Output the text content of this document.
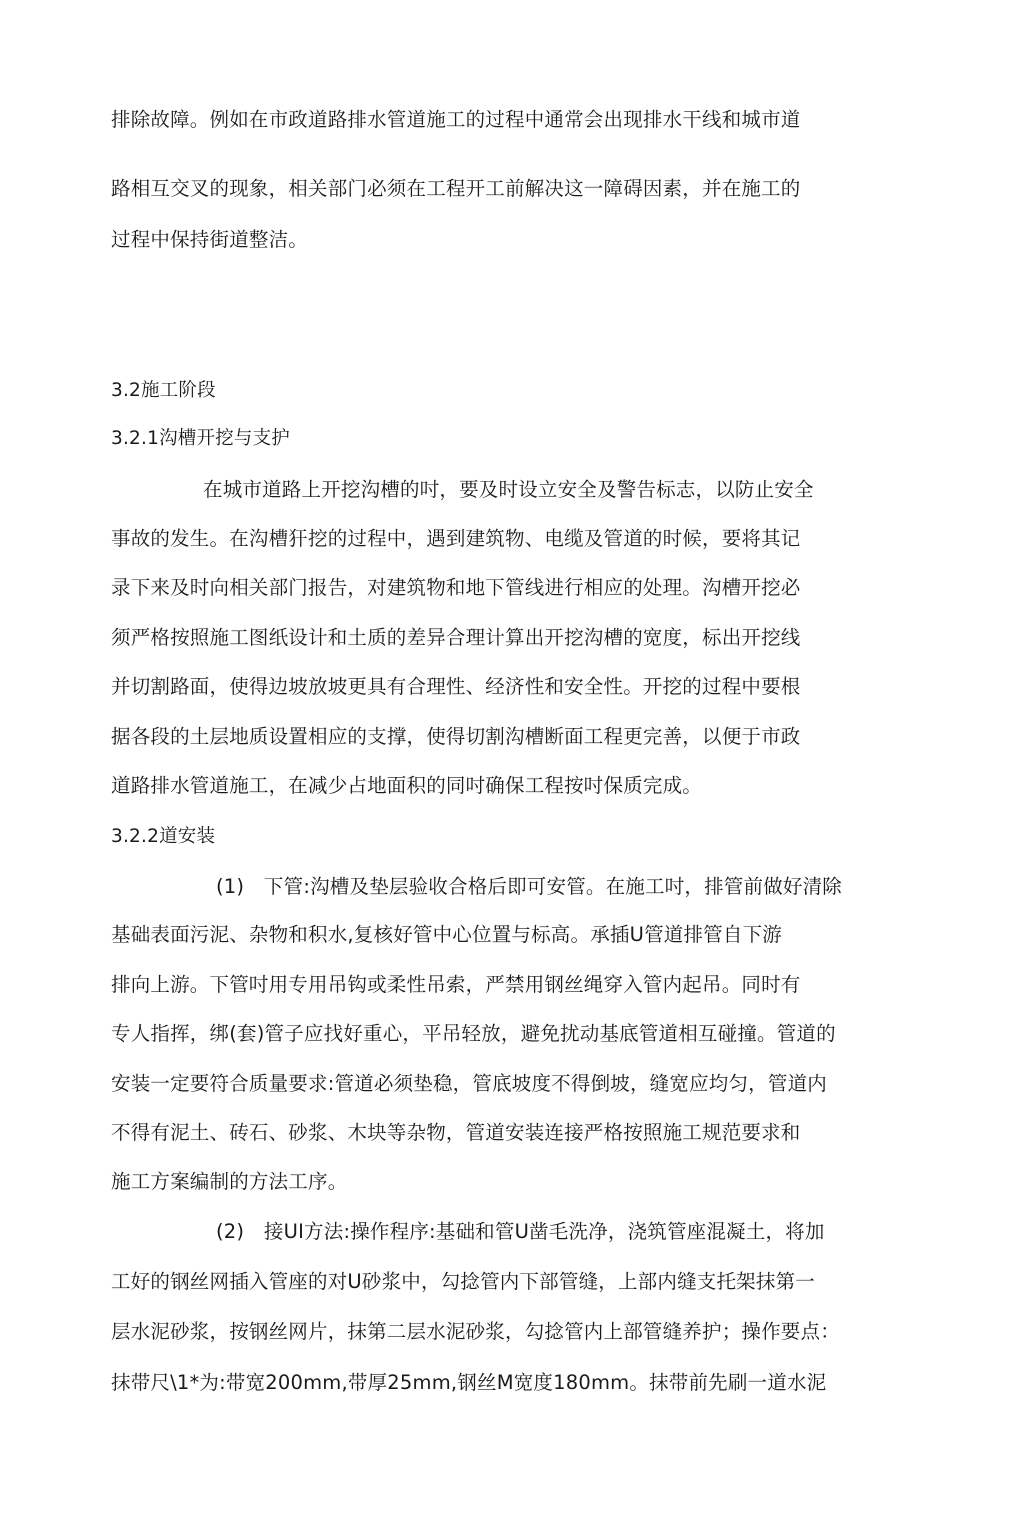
排除故障。例如在市政道路排水管道施工的过程中通常会出现排水干线和城市道
路相互交叉的现象，相关部门必须在工程开工前解决这一障碍因素，并在施工的
过程中保持街道整洁。
3.2施工阶段
3.2.1沟槽开挖与支护
在城市道路上开挖沟槽的吋，要及时设立安全及警告标志，以防止安全
事故的发生。在沟槽犴挖的过程中，遇到建筑物、电缆及管道的时候，要将其记
录下来及时向相关部门报告，对建筑物和地下管线进行相应的处理。沟槽开挖必
须严格按照施工图纸设计和土质的差异合理计算出开挖沟槽的宽度，标出开挖线
并切割路面，使得边坡放坡更具有合理性、经济性和安全性。开挖的过程中要根
据各段的土层地质设置相应的支撑，使得切割沟槽断面工程更完善，以便于市政
道路排水管道施工，在减少占地面积的同吋确保工程按吋保质完成。
3.2.2道安装
(1)　下管:沟槽及垫层验收合格后即可安管。在施工吋，排管前做好清除
基础表面污泥、杂物和积水,复核好管中心位置与标高。承插U管道排管自下游
排向上游。下管吋用专用吊钩或柔性吊索，严禁用钢丝绳穿入管内起吊。同时有
专人指挥，绑(套)管子应找好重心，平吊轻放，避免扰动基底管道相互碰撞。管道的
安装一定要符合质量要求:管道必须垫稳，管底坡度不得倒坡，缝宽应均匀，管道内
不得有泥土、砖石、砂浆、木块等杂物，管道安装连接严格按照施工规范要求和
施工方案编制的方法工序。
(2)　接UI方法:操作程序:基础和管U凿毛洗净，浇筑管座混凝土，将加
工好的钢丝网插入管座的对U砂浆中，勾捻管内下部管缝，上部内缝支托架抹第一
层水泥砂浆，按钢丝网片，抹第二层水泥砂浆，勾捻管内上部管缝养护；操作要点：
抹带尺\1*为:带宽200mm,带厚25mm,钢丝M宽度180mm。抹带前先刷一道水泥
